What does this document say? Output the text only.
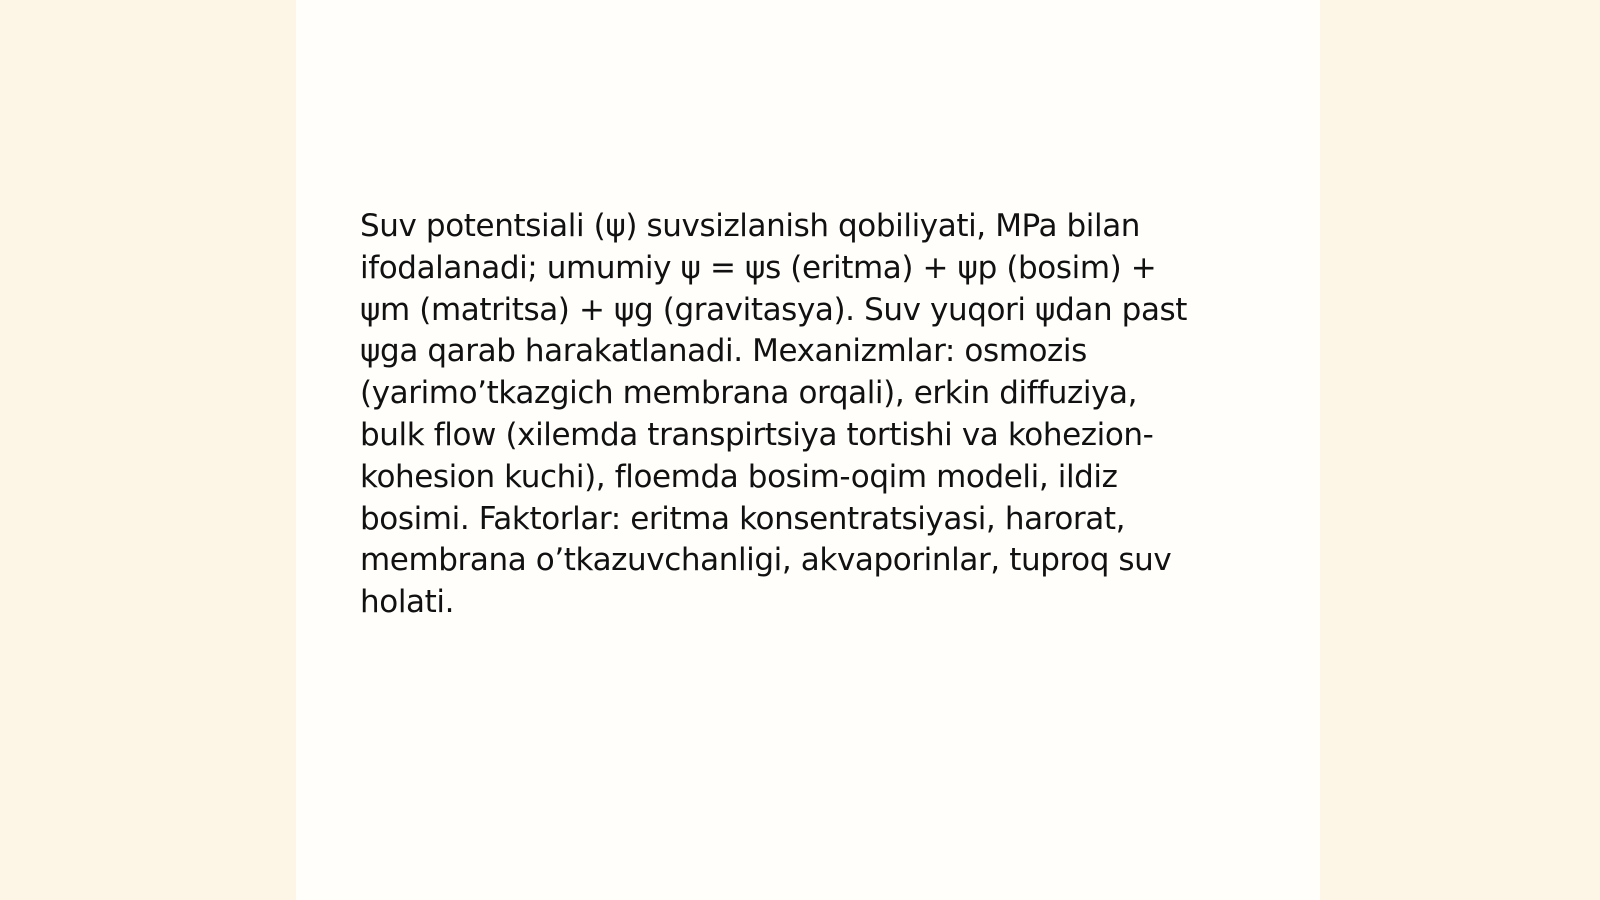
Suv potentsiali (ψ) suvsizlanish qobiliyati, MPa bilan
ifodalanadi; umumiy ψ = ψs (eritma) + ψp (bosim) +
ψm (matritsa) + ψg (gravitasya). Suv yuqori ψdan past
ψga qarab harakatlanadi. Mexanizmlar: osmozis
(yarimo’tkazgich membrana orqali), erkin diffuziya,
bulk flow (xilemda transpirtsiya tortishi va kohezion-
kohesion kuchi), floemda bosim-oqim modeli, ildiz
bosimi. Faktorlar: eritma konsentratsiyasi, harorat,
membrana o’tkazuvchanligi, akvaporinlar, tuproq suv
holati.
